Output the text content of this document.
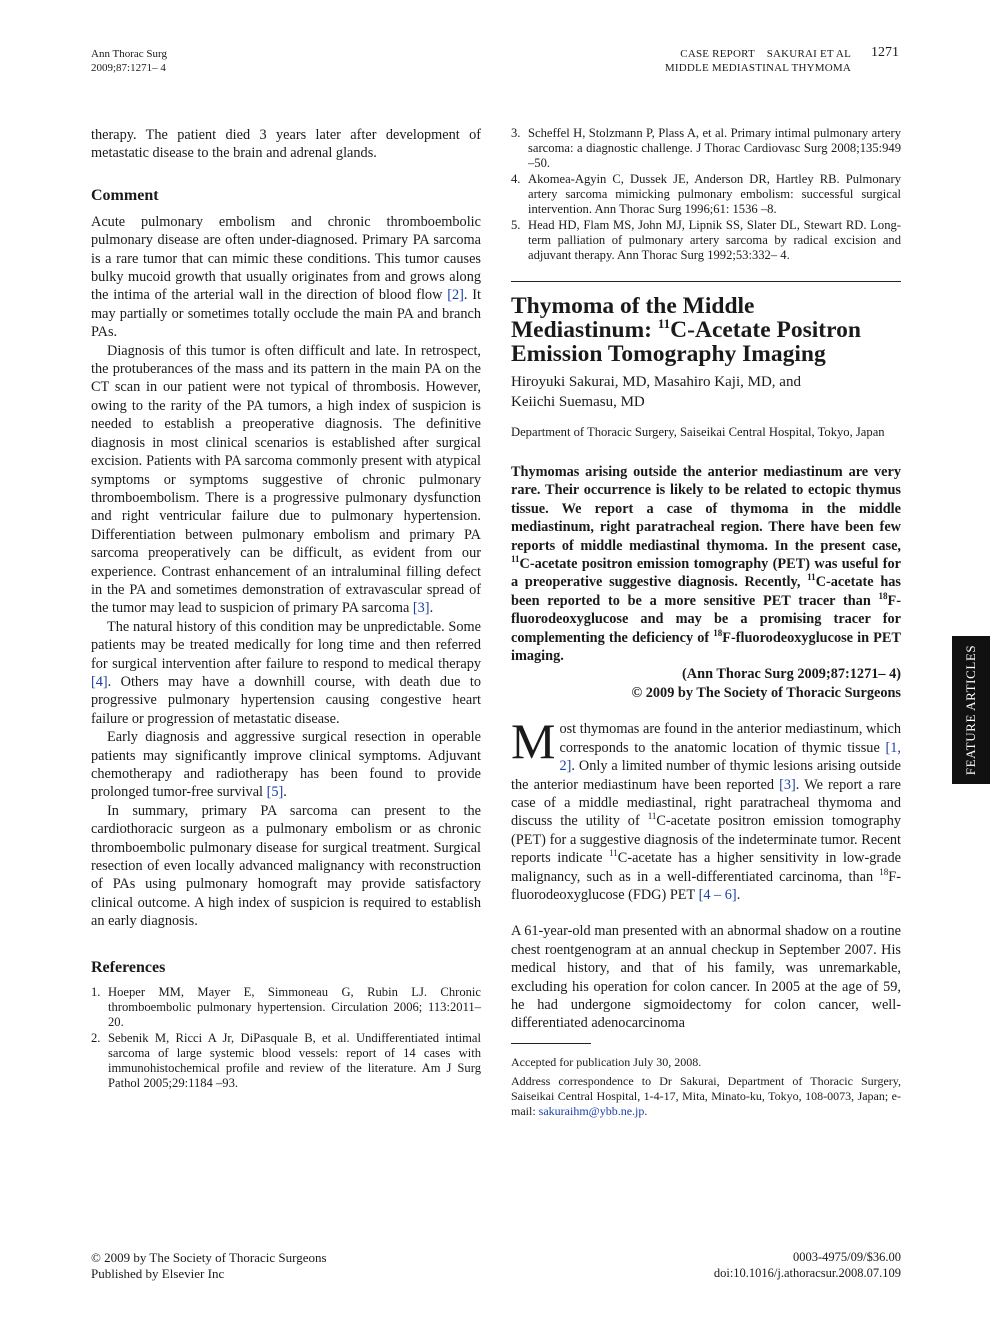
Ann Thorac Surg
2009;87:1271– 4
CASE REPORT SAKURAI ET AL
MIDDLE MEDIASTINAL THYMOMA
1271

therapy. The patient died 3 years later after development of metastatic disease to the brain and adrenal glands.

Comment

Acute pulmonary embolism and chronic thromboembolic pulmonary disease are often under-diagnosed. Primary PA sarcoma is a rare tumor that can mimic these conditions. This tumor causes bulky mucoid growth that usually originates from and grows along the intima of the arterial wall in the direction of blood flow [2]. It may partially or sometimes totally occlude the main PA and branch PAs.

Diagnosis of this tumor is often difficult and late. In retrospect, the protuberances of the mass and its pattern in the main PA on the CT scan in our patient were not typical of thrombosis. However, owing to the rarity of the PA tumors, a high index of suspicion is needed to establish a preoperative diagnosis. The definitive diagnosis in most clinical scenarios is established after surgical excision. Patients with PA sarcoma commonly present with atypical symptoms or symptoms suggestive of chronic pulmonary thromboembolism. There is a progressive pulmonary dysfunction and right ventricular failure due to pulmonary hypertension. Differentiation between pulmonary embolism and primary PA sarcoma preoperatively can be difficult, as evident from our experience. Contrast enhancement of an intraluminal filling defect in the PA and sometimes demonstration of extravascular spread of the tumor may lead to suspicion of primary PA sarcoma [3].

The natural history of this condition may be unpredictable. Some patients may be treated medically for long time and then referred for surgical intervention after failure to respond to medical therapy [4]. Others may have a downhill course, with death due to progressive pulmonary hypertension causing congestive heart failure or progression of metastatic disease.

Early diagnosis and aggressive surgical resection in operable patients may significantly improve clinical symptoms. Adjuvant chemotherapy and radiotherapy has been found to provide prolonged tumor-free survival [5].

In summary, primary PA sarcoma can present to the cardiothoracic surgeon as a pulmonary embolism or as chronic thromboembolic pulmonary disease for surgical treatment. Surgical resection of even locally advanced malignancy with reconstruction of PAs using pulmonary homograft may provide satisfactory clinical outcome. A high index of suspicion is required to establish an early diagnosis.

References
1. Hoeper MM, Mayer E, Simmoneau G, Rubin LJ. Chronic thromboembolic pulmonary hypertension. Circulation 2006; 113:2011–20.
2. Sebenik M, Ricci A Jr, DiPasquale B, et al. Undifferentiated intimal sarcoma of large systemic blood vessels: report of 14 cases with immunohistochemical profile and review of the literature. Am J Surg Pathol 2005;29:1184 –93.
3. Scheffel H, Stolzmann P, Plass A, et al. Primary intimal pulmonary artery sarcoma: a diagnostic challenge. J Thorac Cardiovasc Surg 2008;135:949 –50.
4. Akomea-Agyin C, Dussek JE, Anderson DR, Hartley RB. Pulmonary artery sarcoma mimicking pulmonary embolism: successful surgical intervention. Ann Thorac Surg 1996;61: 1536 –8.
5. Head HD, Flam MS, John MJ, Lipnik SS, Slater DL, Stewart RD. Long-term palliation of pulmonary artery sarcoma by radical excision and adjuvant therapy. Ann Thorac Surg 1992;53:332– 4.
Thymoma of the Middle
Mediastinum: $^{11}$C-Acetate Positron
Emission Tomography Imaging
Hiroyuki Sakurai, MD, Masahiro Kaji, MD, and
Keiichi Suemasu, MD
Department of Thoracic Surgery, Saiseikai Central Hospital, Tokyo, Japan
Thymomas arising outside the anterior mediastinum are very rare. Their occurrence is likely to be related to ectopic thymus tissue. We report a case of thymoma in the middle mediastinum, right paratracheal region. There have been few reports of middle mediastinal thymoma. In the present case, $^{11}$C-acetate positron emission tomography (PET) was useful for a preoperative suggestive diagnosis. Recently, $^{11}$C-acetate has been reported to be a more sensitive PET tracer than $^{18}$F-fluorodeoxyglucose and may be a promising tracer for complementing the deficiency of $^{18}$F-fluorodeoxyglucose in PET imaging.
(Ann Thorac Surg 2009;87:1271– 4)
© 2009 by The Society of Thoracic Surgeons

Most thymomas are found in the anterior mediastinum, which corresponds to the anatomic location of thymic tissue [1, 2]. Only a limited number of thymic lesions arising outside the anterior mediastinum have been reported [3]. We report a rare case of a middle mediastinal, right paratracheal thymoma and discuss the utility of $^{11}$C-acetate positron emission tomography (PET) for a suggestive diagnosis of the indeterminate tumor. Recent reports indicate $^{11}$C-acetate has a higher sensitivity in low-grade malignancy, such as in a well-differentiated carcinoma, than $^{18}$F-fluorodeoxyglucose (FDG) PET [4 – 6].

A 61-year-old man presented with an abnormal shadow on a routine chest roentgenogram at an annual checkup in September 2007. His medical history, and that of his family, was unremarkable, excluding his operation for colon cancer. In 2005 at the age of 59, he had undergone sigmoidectomy for colon cancer, well-differentiated adenocarcinoma

Accepted for publication July 30, 2008.

Address correspondence to Dr Sakurai, Department of Thoracic Surgery, Saiseikai Central Hospital, 1-4-17, Mita, Minato-ku, Tokyo, 108-0073, Japan; e-mail: sakuraihm@ybb.ne.jp.

© 2009 by The Society of Thoracic Surgeons
Published by Elsevier Inc
0003-4975/09/$36.00
doi:10.1016/j.athoracsur.2008.07.109
FEATURE ARTICLES
